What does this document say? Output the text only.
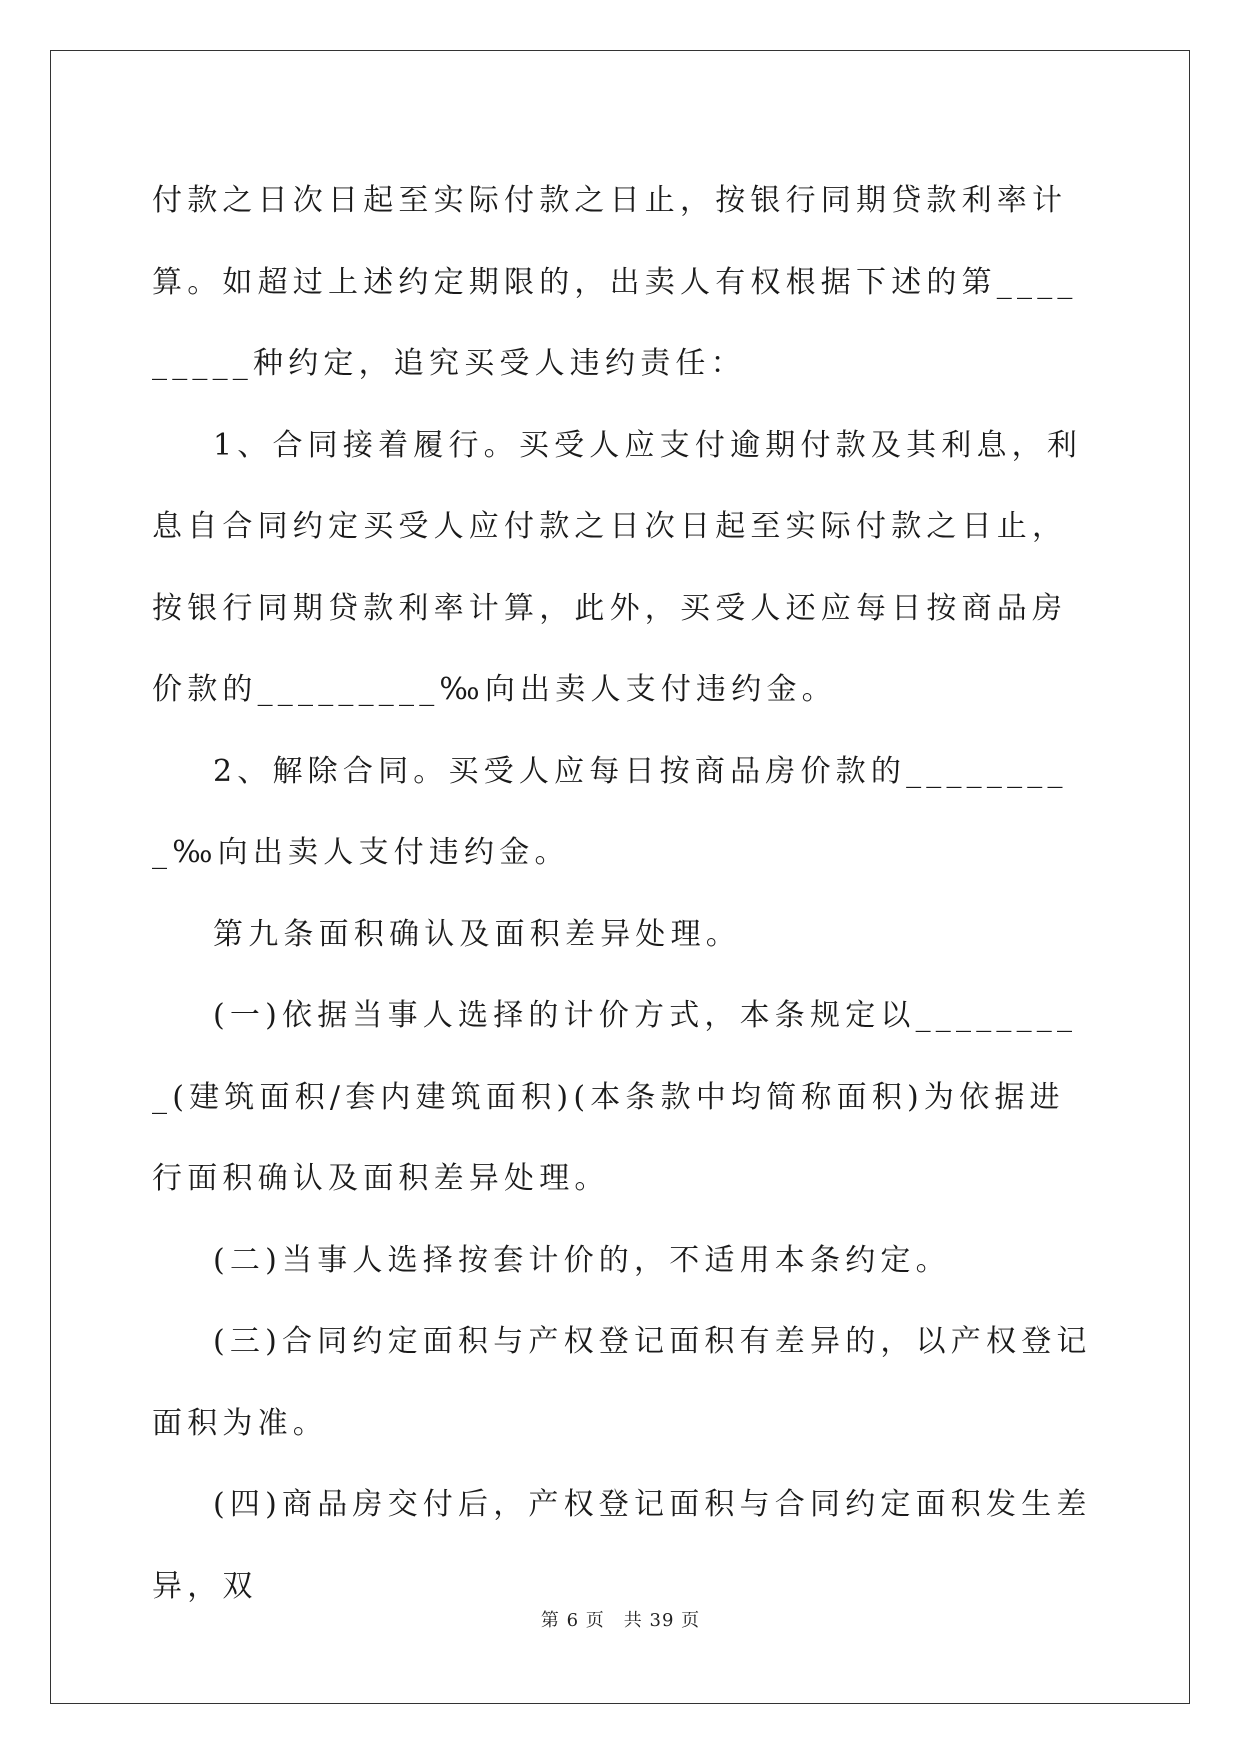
付款之日次日起至实际付款之日止，按银行同期贷款利率计算。如超过上述约定期限的，出卖人有权根据下述的第_________种约定，追究买受人违约责任：

1、合同接着履行。买受人应支付逾期付款及其利息，利息自合同约定买受人应付款之日次日起至实际付款之日止，按银行同期贷款利率计算，此外，买受人还应每日按商品房价款的_________‰向出卖人支付违约金。

2、解除合同。买受人应每日按商品房价款的_________‰向出卖人支付违约金。

第九条面积确认及面积差异处理。

(一)依据当事人选择的计价方式，本条规定以_________(建筑面积/套内建筑面积)(本条款中均简称面积)为依据进行面积确认及面积差异处理。

(二)当事人选择按套计价的，不适用本条约定。

(三)合同约定面积与产权登记面积有差异的，以产权登记面积为准。

(四)商品房交付后，产权登记面积与合同约定面积发生差异，双

第 6 页　共 39 页
